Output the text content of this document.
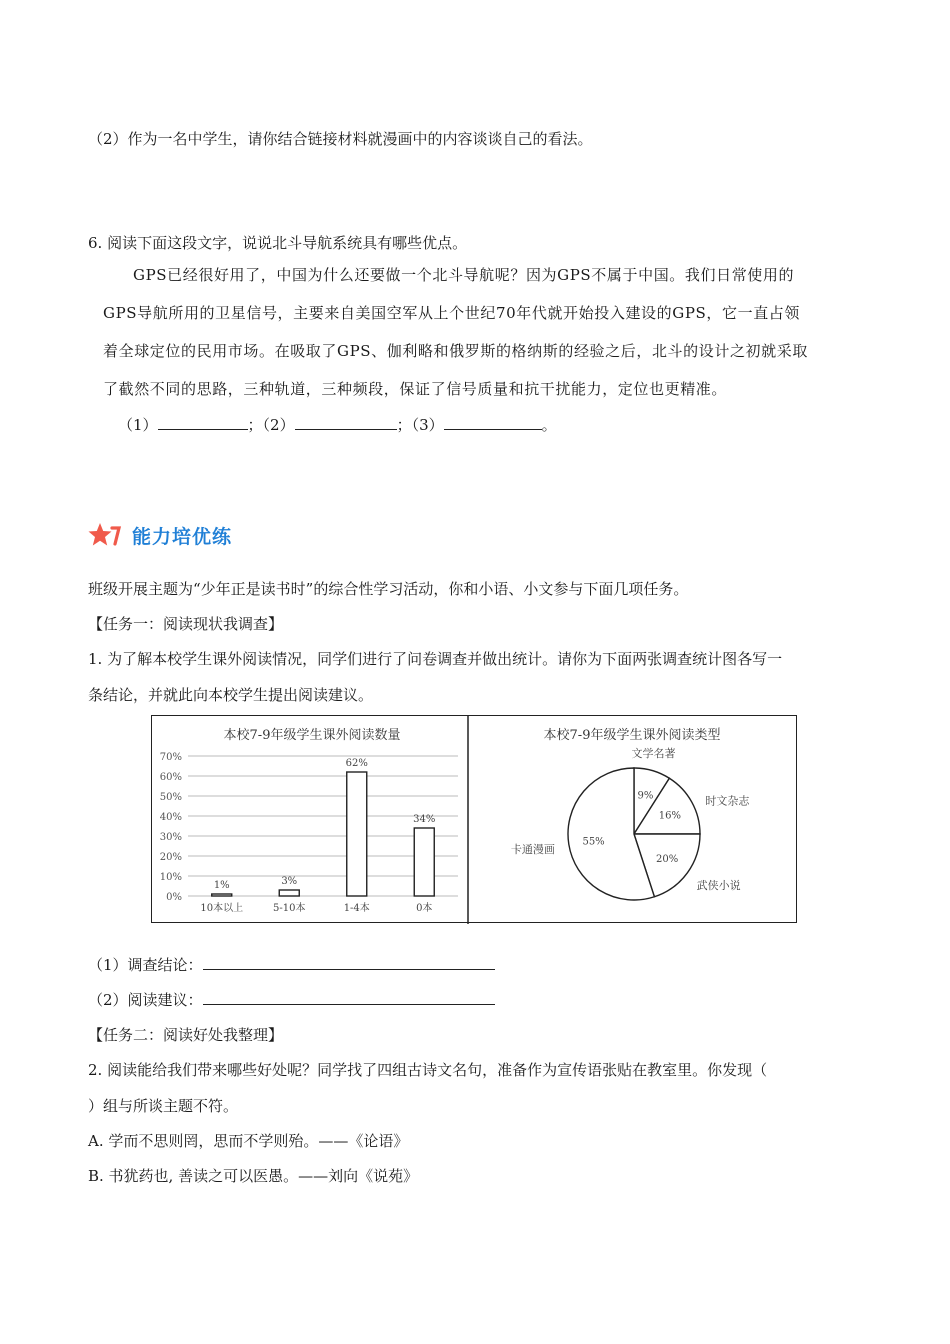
（2）作为一名中学生，请你结合链接材料就漫画中的内容谈谈自己的看法。
6. 阅读下面这段文字，说说北斗导航系统具有哪些优点。
GPS已经很好用了，中国为什么还要做一个北斗导航呢？因为GPS不属于中国。我们日常使用的
GPS导航所用的卫星信号，主要来自美国空军从上个世纪70年代就开始投入建设的GPS，它一直占领
着全球定位的民用市场。在吸取了GPS、伽利略和俄罗斯的格纳斯的经验之后，北斗的设计之初就采取
了截然不同的思路，三种轨道，三种频段，保证了信号质量和抗干扰能力，定位也更精准。
（1）	；（2）	；（3）	。
能力培优练
班级开展主题为“少年正是读书时”的综合性学习活动，你和小语、小文参与下面几项任务。
【任务一：阅读现状我调查】
1. 为了解本校学生课外阅读情况，同学们进行了问卷调查并做出统计。请你为下面两张调查统计图各写一
条结论，并就此向本校学生提出阅读建议。
本校7-9年级学生课外阅读数量
0%
10%
20%
30%
40%
50%
60%
70%
1%
10本以上
3%
5-10本
62%
1-4本
34%
0本
本校7-9年级学生课外阅读类型
9%
文学名著
16%
时文杂志
20%
武侠小说
55%
卡通漫画
（1）调查结论：
（2）阅读建议：
【任务二：阅读好处我整理】
2. 阅读能给我们带来哪些好处呢？同学找了四组古诗文名句，准备作为宣传语张贴在教室里。你发现（
）组与所谈主题不符。
A. 学而不思则罔，思而不学则殆。——《论语》
B. 书犹药也, 善读之可以医愚。——刘向《说苑》
